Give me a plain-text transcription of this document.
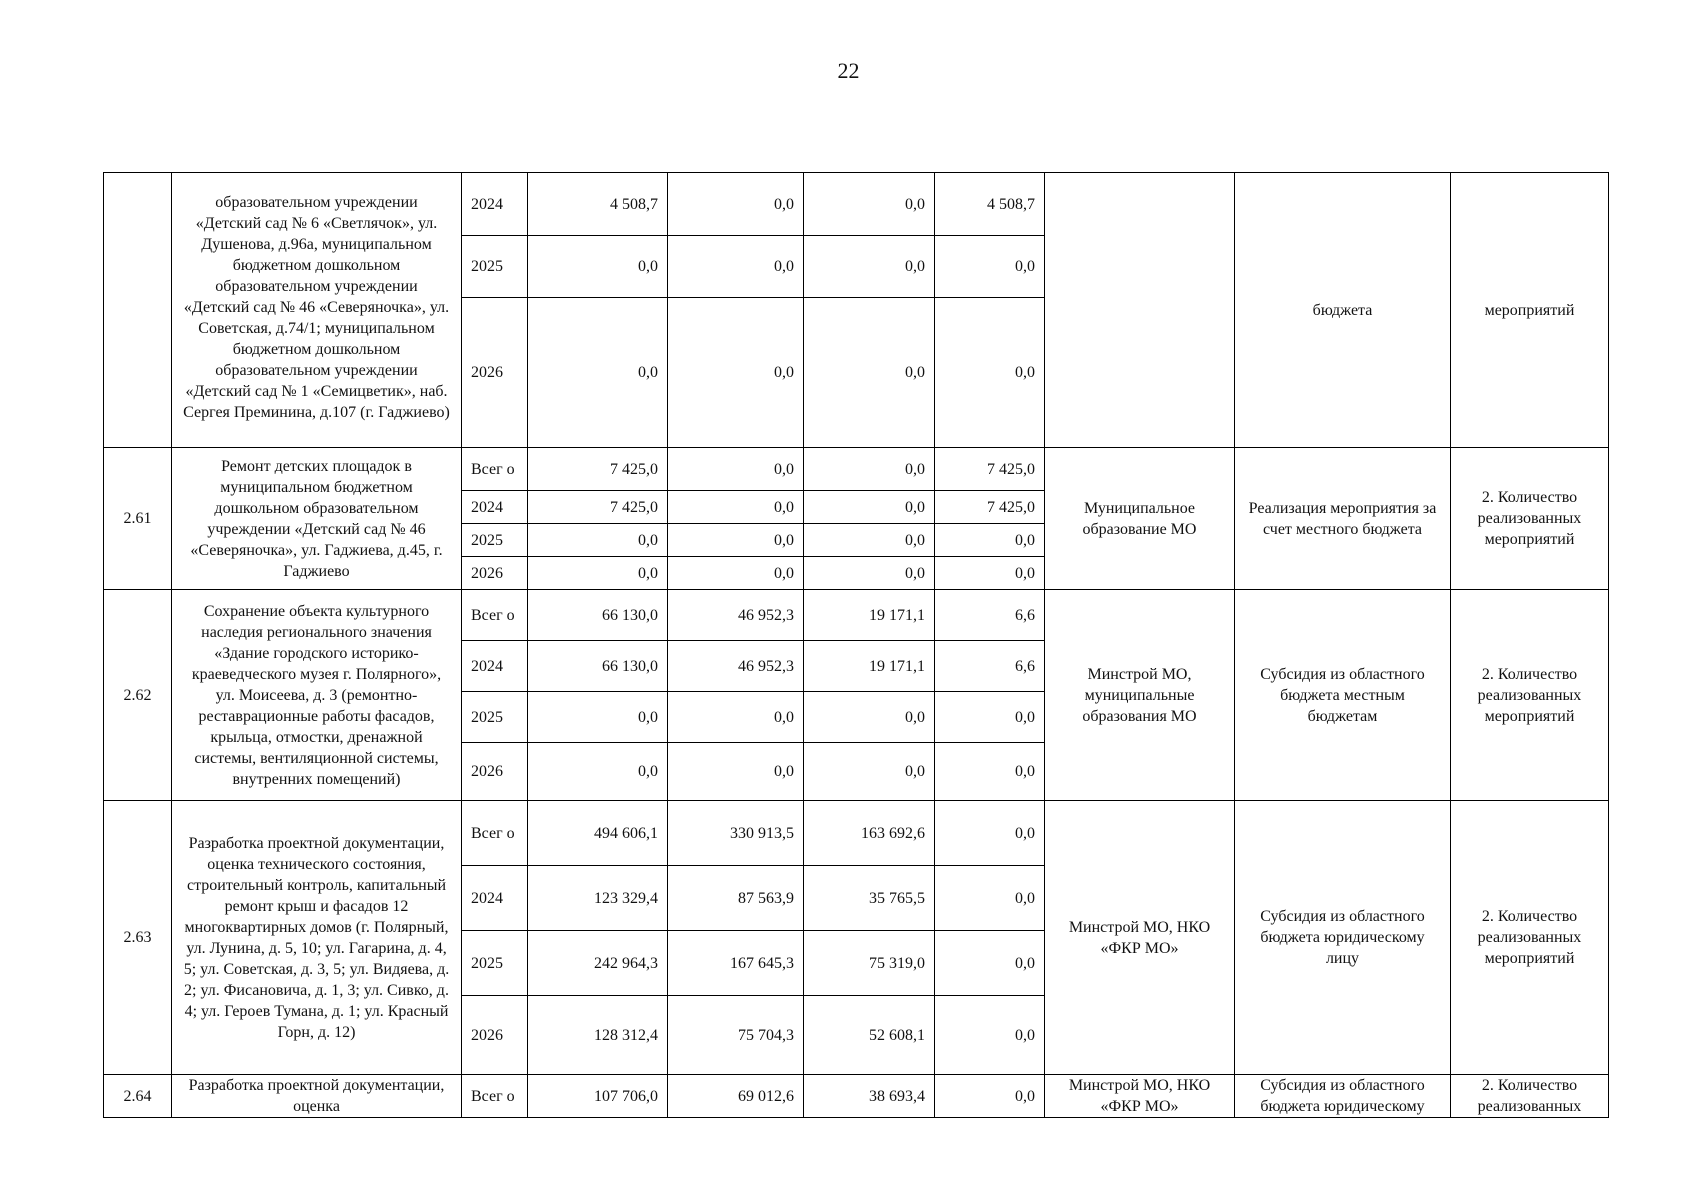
22

	образовательном учреждении «Детский сад № 6 «Светлячок», ул. Душенова, д.96а, муниципальном бюджетном дошкольном образовательном учреждении «Детский сад № 46 «Северяночка», ул. Советская, д.74/1; муниципальном бюджетном дошкольном образовательном учреждении «Детский сад № 1 «Семицветик», наб. Сергея Преминина, д.107 (г. Гаджиево)	2024	4 508,7	0,0	0,0	4 508,7		бюджета	мероприятий
		2025	0,0	0,0	0,0	0,0			
		2026	0,0	0,0	0,0	0,0			
2.61	Ремонт детских площадок в муниципальном бюджетном дошкольном образовательном учреждении «Детский сад № 46 «Северяночка», ул. Гаджиева, д.45, г. Гаджиево	Всег о	7 425,0	0,0	0,0	7 425,0	Муниципальное образование МО	Реализация мероприятия за счет местного бюджета	2. Количество реализованных мероприятий
		2024	7 425,0	0,0	0,0	7 425,0			
		2025	0,0	0,0	0,0	0,0			
		2026	0,0	0,0	0,0	0,0			
2.62	Сохранение объекта культурного наследия регионального значения «Здание городского историко-краеведческого музея г. Полярного», ул. Моисеева, д. 3 (ремонтно-реставрационные работы фасадов, крыльца, отмостки, дренажной системы, вентиляционной системы, внутренних помещений)	Всег о	66 130,0	46 952,3	19 171,1	6,6	Минстрой МО, муниципальные образования МО	Субсидия из областного бюджета местным бюджетам	2. Количество реализованных мероприятий
		2024	66 130,0	46 952,3	19 171,1	6,6			
		2025	0,0	0,0	0,0	0,0			
		2026	0,0	0,0	0,0	0,0			
2.63	Разработка проектной документации, оценка технического состояния, строительный контроль, капитальный ремонт крыш и фасадов 12 многоквартирных домов (г. Полярный, ул. Лунина, д. 5, 10; ул. Гагарина, д. 4, 5; ул. Советская, д. 3, 5; ул. Видяева, д. 2; ул. Фисановича, д. 1, 3; ул. Сивко, д. 4; ул. Героев Тумана, д. 1; ул. Красный Горн, д. 12)	Всег о	494 606,1	330 913,5	163 692,6	0,0	Минстрой МО, НКО «ФКР МО»	Субсидия из областного бюджета юридическому лицу	2. Количество реализованных мероприятий
		2024	123 329,4	87 563,9	35 765,5	0,0			
		2025	242 964,3	167 645,3	75 319,0	0,0			
		2026	128 312,4	75 704,3	52 608,1	0,0			
2.64	Разработка проектной документации, оценка	Всег о	107 706,0	69 012,6	38 693,4	0,0	Минстрой МО, НКО «ФКР МО»	Субсидия из областного бюджета юридическому	2. Количество реализованных
